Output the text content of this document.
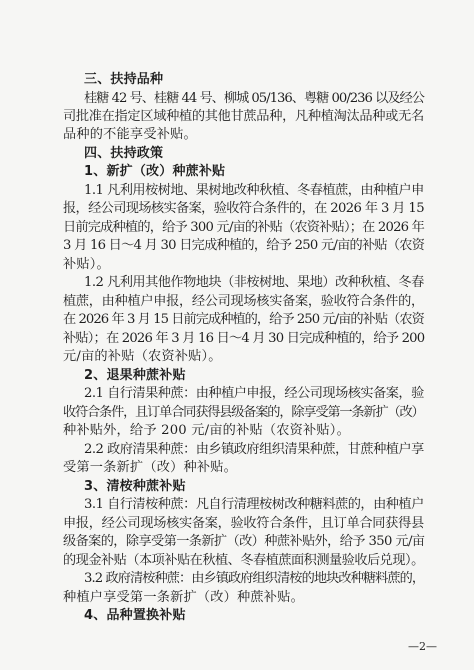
三、扶持品种
桂糖 42 号、桂糖 44 号、柳城 05/136、粤糖 00/236 以及经公
司批准在指定区域种植的其他甘蔗品种，凡种植淘汰品种或无名
品种的不能享受补贴。
四、扶持政策
1、新扩（改）种蔗补贴
1.1 凡利用桉树地、果树地改种秋植、冬春植蔗，由种植户申
报，经公司现场核实备案，验收符合条件的，在 2026 年 3 月 15
日前完成种植的，给予 300 元/亩的补贴（农资补贴）；在 2026 年
3 月 16 日～4 月 30 日完成种植的，给予 250 元/亩的补贴（农资
补贴）。
1.2 凡利用其他作物地块（非桉树地、果地）改种秋植、冬春
植蔗，由种植户申报，经公司现场核实备案，验收符合条件的，
在 2026 年 3 月 15 日前完成种植的，给予 250 元/亩的补贴（农资
补贴）；在 2026 年 3 月 16 日～4 月 30 日完成种植的，给予 200
元/亩的补贴（农资补贴）。
2、退果种蔗补贴
2.1 自行清果种蔗：由种植户申报，经公司现场核实备案，验
收符合条件，且订单合同获得县级备案的，除享受第一条新扩（改）
种补贴外，给予 200 元/亩的补贴（农资补贴）。
2.2 政府清果种蔗：由乡镇政府组织清果种蔗，甘蔗种植户享
受第一条新扩（改）种补贴。
3、清桉种蔗补贴
3.1 自行清桉种蔗：凡自行清理桉树改种糖料蔗的，由种植户
申报，经公司现场核实备案，验收符合条件，且订单合同获得县
级备案的，除享受第一条新扩（改）种蔗补贴外，给予 350 元/亩
的现金补贴（本项补贴在秋植、冬春植蔗面积测量验收后兑现）。
3.2 政府清桉种蔗：由乡镇政府组织清桉的地块改种糖料蔗的，
种植户享受第一条新扩（改）种蔗补贴。
4、品种置换补贴
—2—
